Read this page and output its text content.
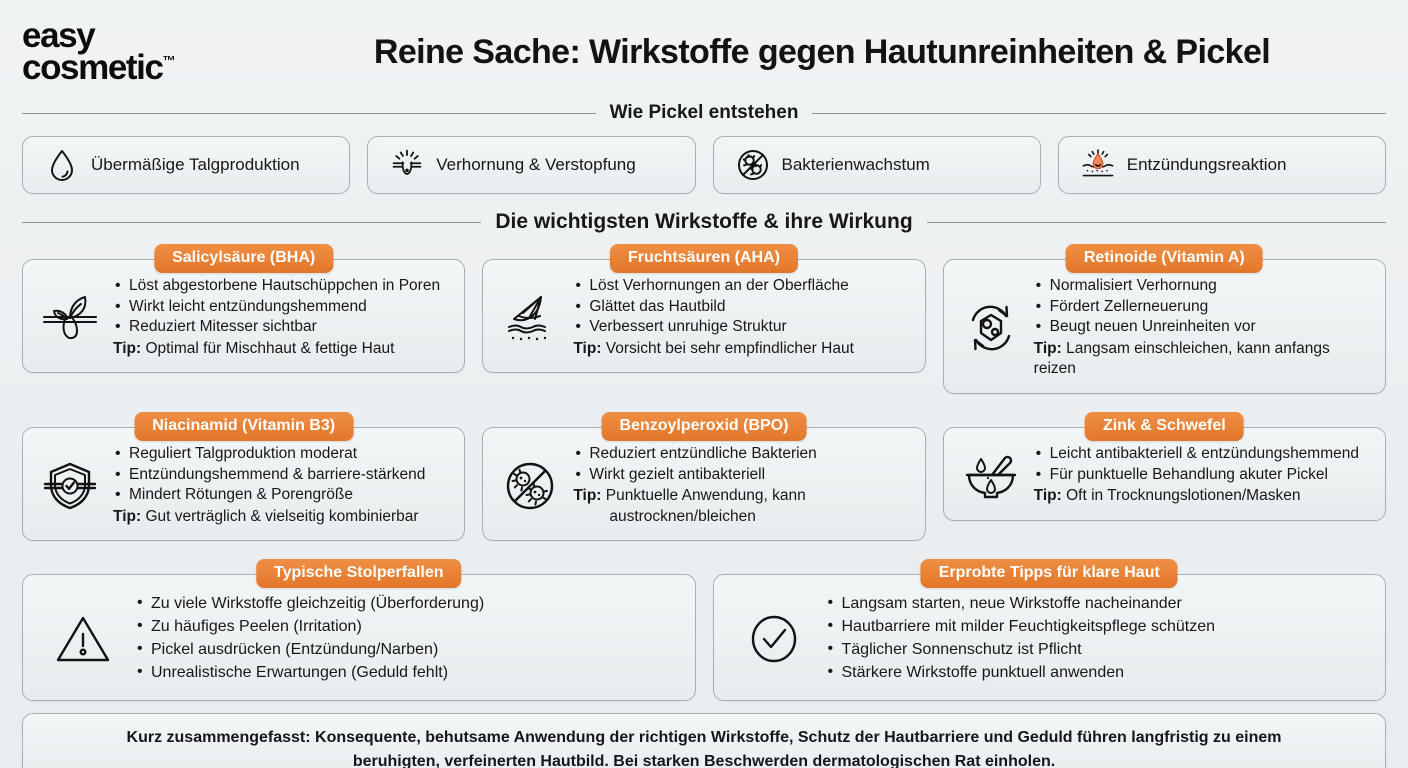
easy
cosmetic™	Reine Sache: Wirkstoffe gegen Hautunreinheiten & Pickel
Wie Pickel entstehen
Übermäßige Talgproduktion	Verhornung & Verstopfung	Bakterienwachstum	Entzündungsreaktion
Die wichtigsten Wirkstoffe & ihre Wirkung
Salicylsäure (BHA)
• Löst abgestorbene Hautschüppchen in Poren
• Wirkt leicht entzündungshemmend
• Reduziert Mitesser sichtbar
Tip: Optimal für Mischhaut & fettige Haut
Fruchtsäuren (AHA)
• Löst Verhornungen an der Oberfläche
• Glättet das Hautbild
• Verbessert unruhige Struktur
Tip: Vorsicht bei sehr empfindlicher Haut
Retinoide (Vitamin A)
• Normalisiert Verhornung
• Fördert Zellerneuerung
• Beugt neuen Unreinheiten vor
Tip: Langsam einschleichen, kann anfangs reizen
Niacinamid (Vitamin B3)
• Reguliert Talgproduktion moderat
• Entzündungshemmend & barriere-stärkend
• Mindert Rötungen & Porengröße
Tip: Gut verträglich & vielseitig kombinierbar
Benzoylperoxid (BPO)
• Reduziert entzündliche Bakterien
• Wirkt gezielt antibakteriell
Tip: Punktuelle Anwendung, kann
austrocknen/bleichen
Zink & Schwefel
• Leicht antibakteriell & entzündungshemmend
• Für punktuelle Behandlung akuter Pickel
Tip: Oft in Trocknungslotionen/Masken
Typische Stolperfallen
• Zu viele Wirkstoffe gleichzeitig (Überforderung)
• Zu häufiges Peelen (Irritation)
• Pickel ausdrücken (Entzündung/Narben)
• Unrealistische Erwartungen (Geduld fehlt)
Erprobte Tipps für klare Haut
• Langsam starten, neue Wirkstoffe nacheinander
• Hautbarriere mit milder Feuchtigkeitspflege schützen
• Täglicher Sonnenschutz ist Pflicht
• Stärkere Wirkstoffe punktuell anwenden

Kurz zusammengefasst: Konsequente, behutsame Anwendung der richtigen Wirkstoffe, Schutz der Hautbarriere und Geduld führen langfristig zu einem

beruhigten, verfeinerten Hautbild. Bei starken Beschwerden dermatologischen Rat einholen.
